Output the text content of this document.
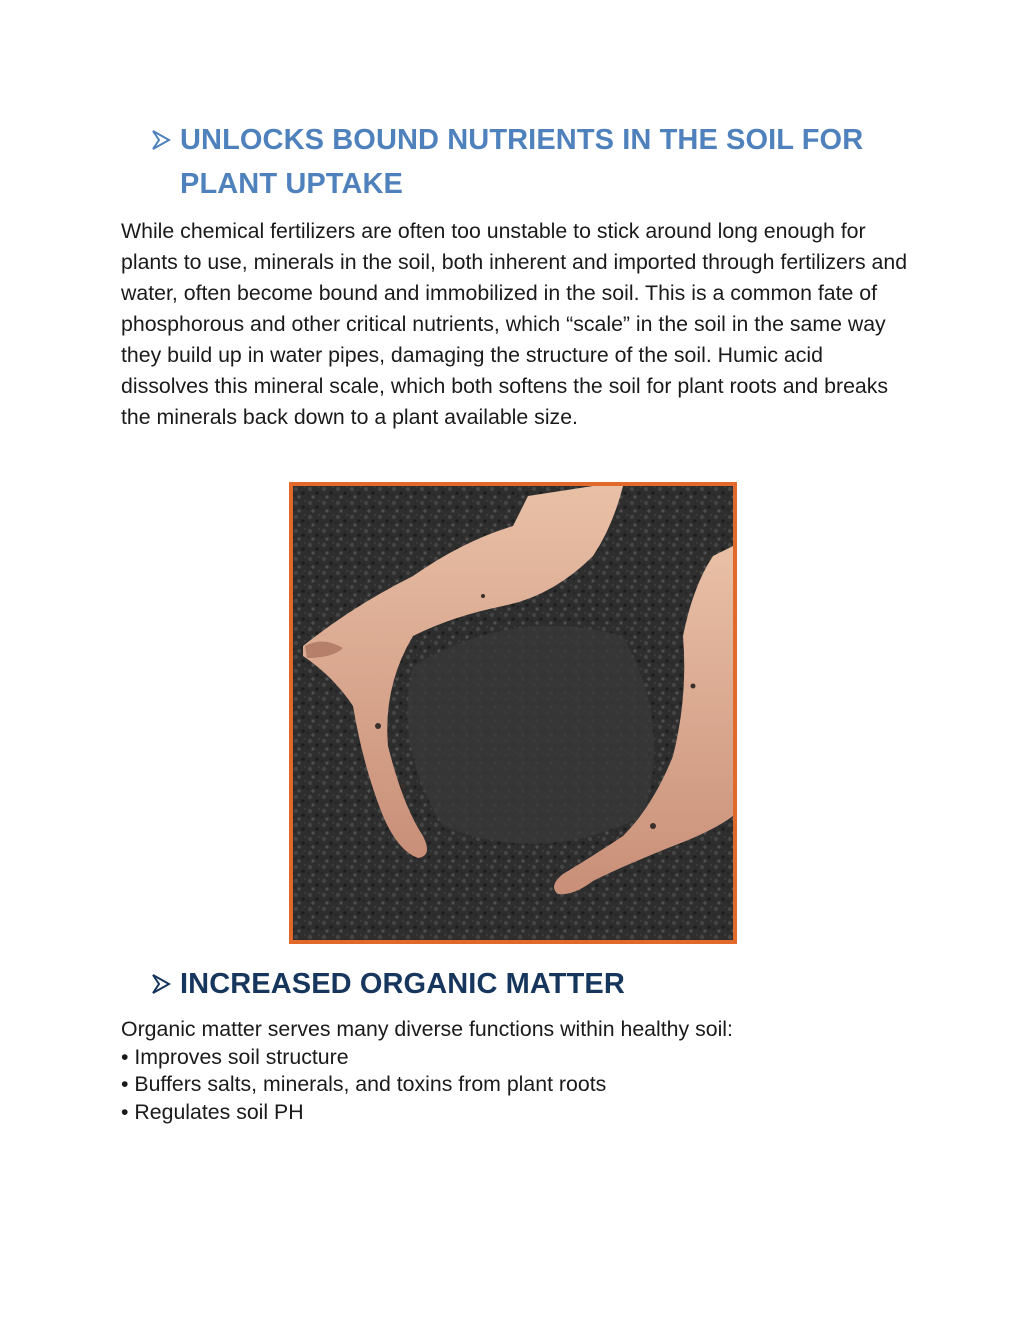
UNLOCKS BOUND NUTRIENTS IN THE SOIL FOR PLANT UPTAKE

While chemical fertilizers are often too unstable to stick around long enough for plants to use, minerals in the soil, both inherent and imported through fertilizers and water, often become bound and immobilized in the soil. This is a common fate of phosphorous and other critical nutrients, which “scale” in the soil in the same way they build up in water pipes, damaging the structure of the soil. Humic acid dissolves this mineral scale, which both softens the soil for plant roots and breaks the minerals back down to a plant available size.

INCREASED ORGANIC MATTER
Organic matter serves many diverse functions within healthy soil:
• Improves soil structure
• Buffers salts, minerals, and toxins from plant roots
• Regulates soil PH
